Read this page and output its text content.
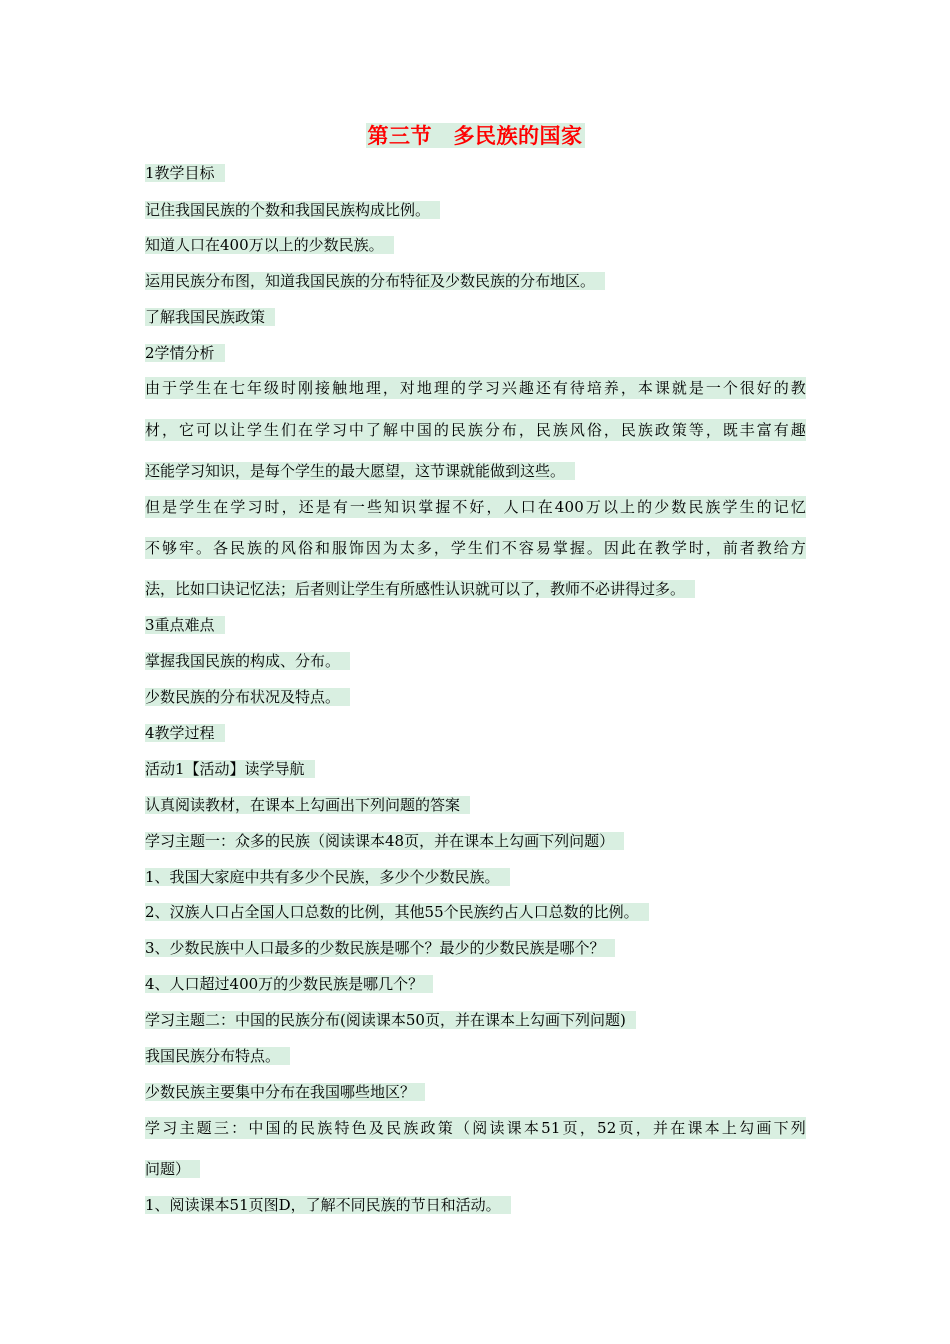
第三节　多民族的国家
1教学目标
记住我国民族的个数和我国民族构成比例。
知道人口在400万以上的少数民族。
运用民族分布图，知道我国民族的分布特征及少数民族的分布地区。
了解我国民族政策
2学情分析
由于学生在七年级时刚接触地理，对地理的学习兴趣还有待培养，本课就是一个很好的教
材，它可以让学生们在学习中了解中国的民族分布，民族风俗，民族政策等，既丰富有趣
还能学习知识，是每个学生的最大愿望，这节课就能做到这些。
但是学生在学习时，还是有一些知识掌握不好，人口在400万以上的少数民族学生的记忆
不够牢。各民族的风俗和服饰因为太多，学生们不容易掌握。因此在教学时，前者教给方
法，比如口诀记忆法；后者则让学生有所感性认识就可以了，教师不必讲得过多。
3重点难点
掌握我国民族的构成、分布。
少数民族的分布状况及特点。
4教学过程
活动1【活动】读学导航
认真阅读教材，在课本上勾画出下列问题的答案
学习主题一：众多的民族（阅读课本48页，并在课本上勾画下列问题）
1、我国大家庭中共有多少个民族，多少个少数民族。
2、汉族人口占全国人口总数的比例，其他55个民族约占人口总数的比例。
3、少数民族中人口最多的少数民族是哪个？最少的少数民族是哪个？
4、人口超过400万的少数民族是哪几个？
学习主题二：中国的民族分布(阅读课本50页，并在课本上勾画下列问题)
我国民族分布特点。
少数民族主要集中分布在我国哪些地区？
学习主题三：中国的民族特色及民族政策（阅读课本51页，52页，并在课本上勾画下列
问题）
1、阅读课本51页图D，了解不同民族的节日和活动。
